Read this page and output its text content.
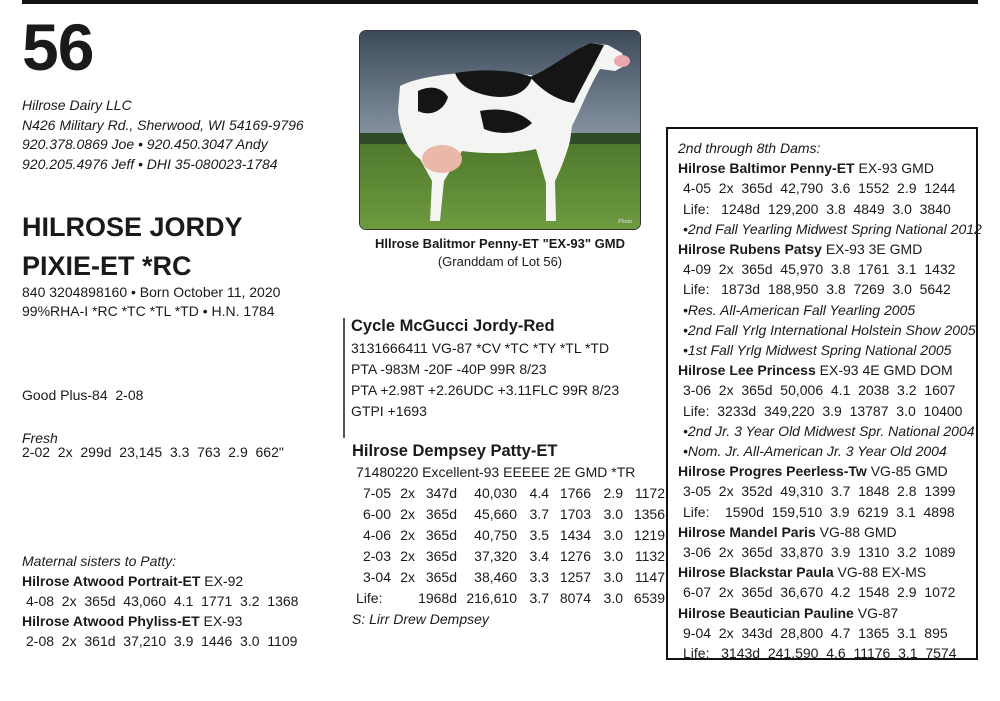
56
Hilrose Dairy LLC
N426 Military Rd., Sherwood, WI 54169-9796
920.378.0869 Joe • 920.450.3047 Andy
920.205.4976 Jeff • DHI 35-080023-1784
HILROSE JORDY
PIXIE-ET *RC
840 3204898160 • Born October 11, 2020
99%RHA-I *RC *TC *TL *TD • H.N. 1784

Good Plus-84  2-08

2-02  2x  299d  23,145  3.3  763  2.9  662"

Fresh
Maternal sisters to Patty:
Hilrose Atwood Portrait-ET EX-92
4-08  2x  365d  43,060  4.1  1771  3.2  1368
Hilrose Atwood Phyliss-ET EX-93
2-08  2x  361d  37,210  3.9  1446  3.0  1109
Photo
Hllrose Balitmor Penny-ET "EX-93" GMD
(Granddam of Lot 56)
Cycle McGucci Jordy-Red
3131666411 VG-87 *CV *TC *TY *TL *TD
PTA -983M -20F -40P 99R 8/23
PTA +2.98T +2.26UDC +3.11FLC 99R 8/23
GTPI +1693
Hilrose Dempsey Patty-ET
71480220 Excellent-93 EEEEE 2E GMD *TR
7-05	2x	347d	40,030	4.4	1766	2.9	1172
6-00	2x	365d	45,660	3.7	1703	3.0	1356
4-06	2x	365d	40,750	3.5	1434	3.0	1219
2-03	2x	365d	37,320	3.4	1276	3.0	1132
3-04	2x	365d	38,460	3.3	1257	3.0	1147
Life:		1968d	216,610	3.7	8074	3.0	6539
S: Lirr Drew Dempsey
2nd through 8th Dams:
Hilrose Baltimor Penny-ET EX-93 GMD
4-05  2x  365d  42,790  3.6  1552  2.9  1244
Life:   1248d  129,200  3.8  4849  3.0  3840
•2nd Fall Yearling Midwest Spring National 2012
Hilrose Rubens Patsy EX-93 3E GMD
4-09  2x  365d  45,970  3.8  1761  3.1  1432
Life:   1873d  188,950  3.8  7269  3.0  5642
•Res. All-American Fall Yearling 2005
•2nd Fall Yrlg International Holstein Show 2005
•1st Fall Yrlg Midwest Spring National 2005
Hilrose Lee Princess EX-93 4E GMD DOM
3-06  2x  365d  50,006  4.1  2038  3.2  1607
Life:  3233d  349,220  3.9  13787  3.0  10400
•2nd Jr. 3 Year Old Midwest Spr. National 2004
•Nom. Jr. All-American Jr. 3 Year Old 2004
Hilrose Progres Peerless-Tw VG-85 GMD
3-05  2x  352d  49,310  3.7  1848  2.8  1399
Life:    1590d  159,510  3.9  6219  3.1  4898
Hilrose Mandel Paris VG-88 GMD
3-06  2x  365d  33,870  3.9  1310  3.2  1089
Hilrose Blackstar Paula VG-88 EX-MS
6-07  2x  365d  36,670  4.2  1548  2.9  1072
Hilrose Beautician Pauline VG-87
9-04  2x  343d  28,800  4.7  1365  3.1  895
Life:   3143d  241,590  4.6  11176  3.1  7574
